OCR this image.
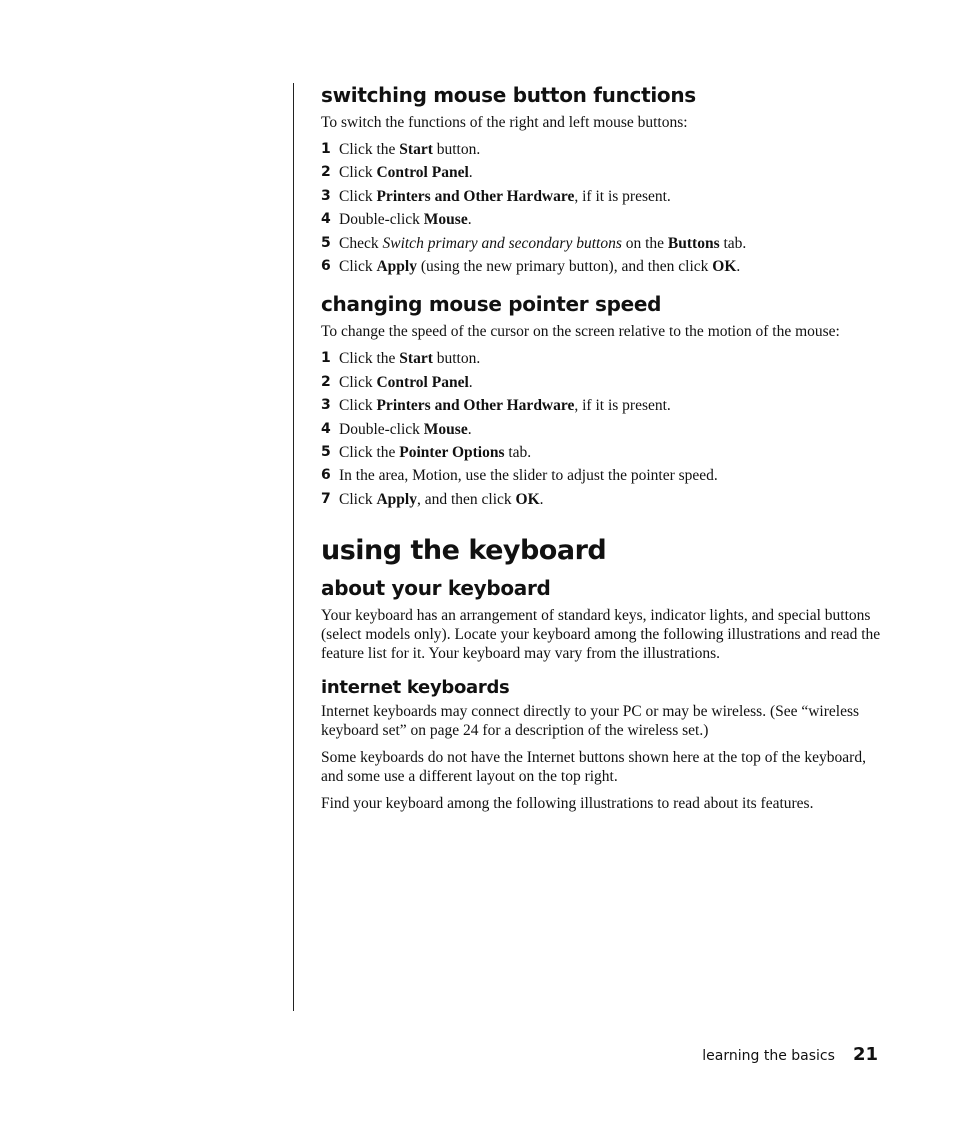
switching mouse button functions

To switch the functions of the right and left mouse buttons:

1 Click the Start button.
2 Click Control Panel.
3 Click Printers and Other Hardware, if it is present.
4 Double-click Mouse.
5 Check Switch primary and secondary buttons on the Buttons tab.
6 Click Apply (using the new primary button), and then click OK.
changing mouse pointer speed

To change the speed of the cursor on the screen relative to the motion of the mouse:

1 Click the Start button.
2 Click Control Panel.
3 Click Printers and Other Hardware, if it is present.
4 Double-click Mouse.
5 Click the Pointer Options tab.
6 In the area, Motion, use the slider to adjust the pointer speed.
7 Click Apply, and then click OK.
using the keyboard
about your keyboard

Your keyboard has an arrangement of standard keys, indicator lights, and special buttons (select models only). Locate your keyboard among the following illustrations and read the feature list for it. Your keyboard may vary from the illustrations.

internet keyboards

Internet keyboards may connect directly to your PC or may be wireless. (See “wireless keyboard set” on page 24 for a description of the wireless set.)

Some keyboards do not have the Internet buttons shown here at the top of the keyboard, and some use a different layout on the top right.

Find your keyboard among the following illustrations to read about its features.

learning the basics 21
